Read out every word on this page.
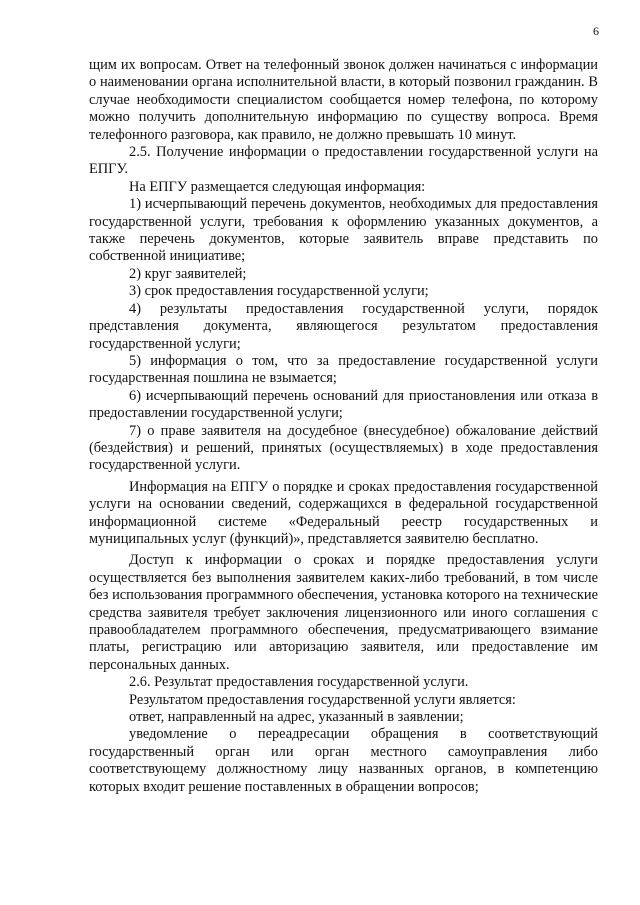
6

щим их вопросам. Ответ на телефонный звонок должен начинаться с информации о наименовании органа исполнительной власти, в который позвонил гражданин. В случае необходимости специалистом сообщается номер телефона, по которому можно получить дополнительную информацию по существу вопроса. Время телефонного разговора, как правило, не должно превышать 10 минут.

2.5. Получение информации о предоставлении государственной услуги на ЕПГУ.

На ЕПГУ размещается следующая информация:

1) исчерпывающий перечень документов, необходимых для предоставления государственной услуги, требования к оформлению указанных документов, а также перечень документов, которые заявитель вправе представить по собственной инициативе;

2) круг заявителей;

3) срок предоставления государственной услуги;

4) результаты предоставления государственной услуги, порядок представления документа, являющегося результатом предоставления государственной услуги;

5) информация о том, что за предоставление государственной услуги государственная пошлина не взымается;

6) исчерпывающий перечень оснований для приостановления или отказа в предоставлении государственной услуги;

7) о праве заявителя на досудебное (внесудебное) обжалование действий (бездействия) и решений, принятых (осуществляемых) в ходе предоставления государственной услуги.

Информация на ЕПГУ о порядке и сроках предоставления государственной услуги на основании сведений, содержащихся в федеральной государственной информационной системе «Федеральный реестр государственных и муниципальных услуг (функций)», представляется заявителю бесплатно.

Доступ к информации о сроках и порядке предоставления услуги осуществляется без выполнения заявителем каких-либо требований, в том числе без использования программного обеспечения, установка которого на технические средства заявителя требует заключения лицензионного или иного соглашения с правообладателем программного обеспечения, предусматривающего взимание платы, регистрацию или авторизацию заявителя, или предоставление им персональных данных.

2.6. Результат предоставления государственной услуги.

Результатом предоставления государственной услуги является:

ответ, направленный на адрес, указанный в заявлении;

уведомление о переадресации обращения в соответствующий государственный орган или орган местного самоуправления либо соответствующему должностному лицу названных органов, в компетенцию которых входит решение поставленных в обращении вопросов;
